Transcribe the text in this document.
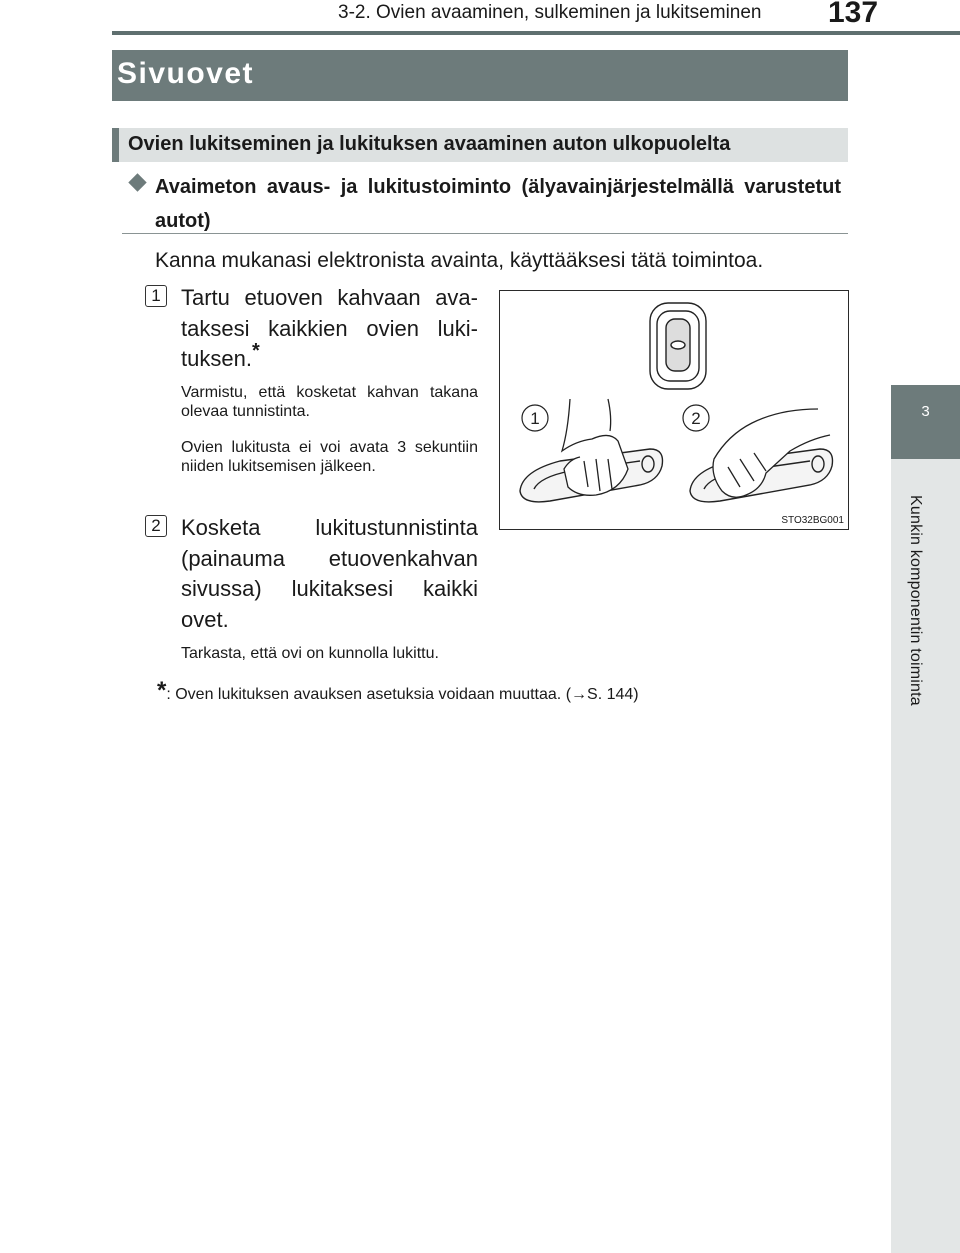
3-2. Ovien avaaminen, sulkeminen ja lukitseminen 137
3
Kunkin komponentin toiminta
Sivuovet
Ovien lukitseminen ja lukituksen avaaminen auton ulkopuolelta
Avaimeton avaus- ja lukitustoiminto (älyavainjärjestelmällä varustetut autot)
Kanna mukanasi elektronista avainta, käyttääksesi tätä toimintoa.
1 Tartu etuoven kahvaan ava-taksesi kaikkien ovien luki-tuksen.*
Varmistu, että kosketat kahvan takana olevaa tunnistinta.
Ovien lukitusta ei voi avata 3 sekuntiin niiden lukitsemisen jälkeen.
2 Kosketa lukitustunnistinta (painauma etuovenkahvan sivussa) lukitaksesi kaikki ovet.
Tarkasta, että ovi on kunnolla lukittu.
*: Oven lukituksen avauksen asetuksia voidaan muuttaa. (→S. 144)
1	2
STO32BG001
